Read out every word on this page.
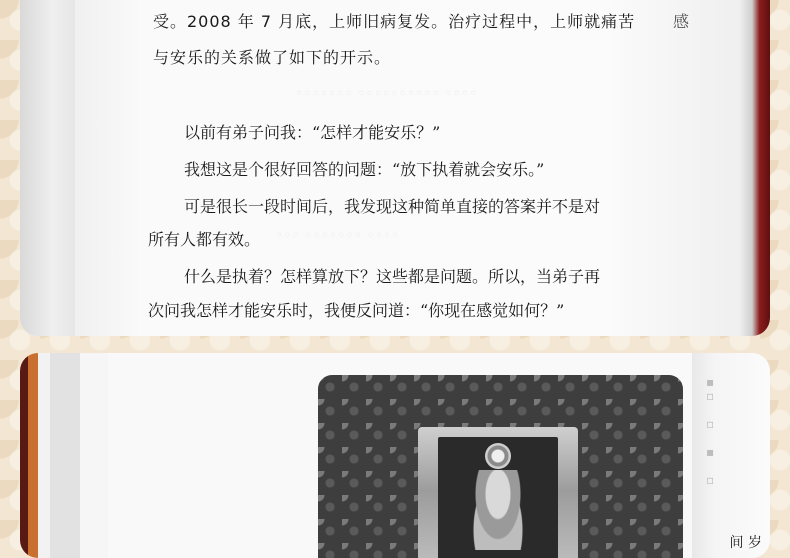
◦◦◦◦◦◦◦ ◦◦◦◦◦◦◦◦◦◦ ◦◦◦◦
◦◦◦ ◦◦◦◦◦◦◦ ◦◦◦◦
受。2008 年 7 月底，上师旧病复发。治疗过程中，上师就痛苦 感
与安乐的关系做了如下的开示。
以前有弟子问我：“怎样才能安乐？”
我想这是个很好回答的问题：“放下执着就会安乐。”
可是很长一段时间后，我发现这种简单直接的答案并不是对
所有人都有效。
什么是执着？怎样算放下？这些都是问题。所以，当弟子再
次问我怎样才能安乐时，我便反问道：“你现在感觉如何？”
▪
▫

▫

▪

▫
间 岁
